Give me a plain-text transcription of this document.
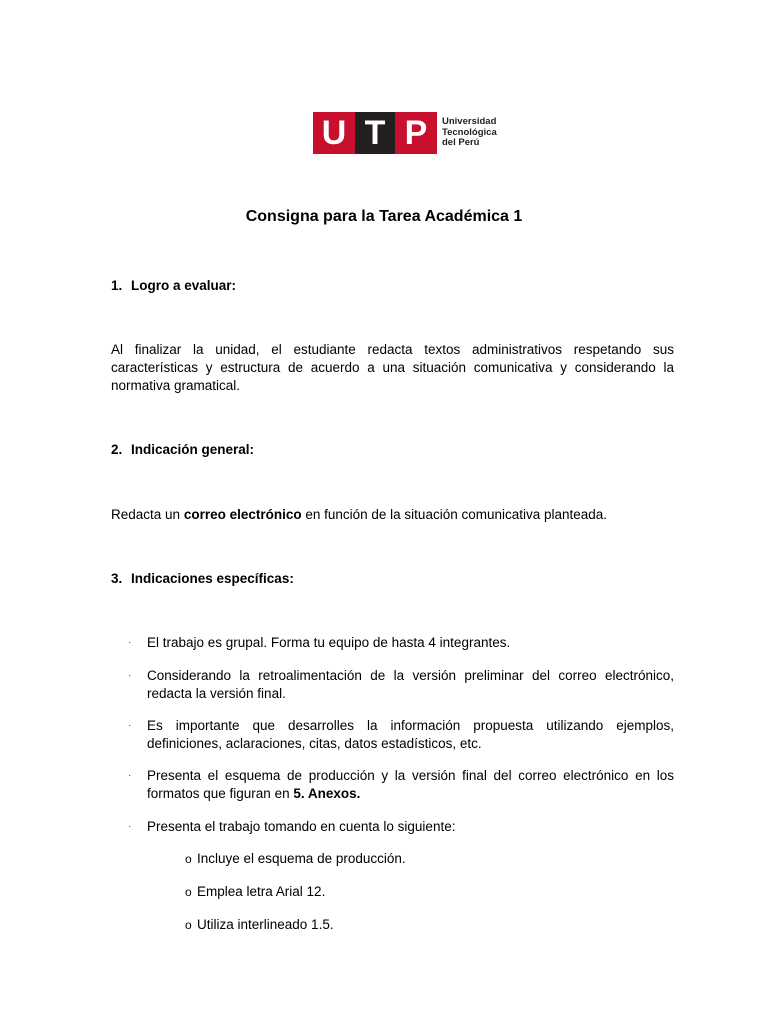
U T P	Universidad
Tecnológica
del Perú
Consigna para la Tarea Académica 1
1. Logro a evaluar:
Al finalizar la unidad, el estudiante redacta textos administrativos respetando sus características y estructura de acuerdo a una situación comunicativa y considerando la normativa gramatical.
2. Indicación general:
Redacta un correo electrónico en función de la situación comunicativa planteada.
3. Indicaciones específicas:
· El trabajo es grupal. Forma tu equipo de hasta 4 integrantes.
· Considerando la retroalimentación de la versión preliminar del correo electrónico, redacta la versión final.
· Es importante que desarrolles la información propuesta utilizando ejemplos, definiciones, aclaraciones, citas, datos estadísticos, etc.
· Presenta el esquema de producción y la versión final del correo electrónico en los formatos que figuran en 5. Anexos.
· Presenta el trabajo tomando en cuenta lo siguiente:
o Incluye el esquema de producción.
o Emplea letra Arial 12.
o Utiliza interlineado 1.5.
